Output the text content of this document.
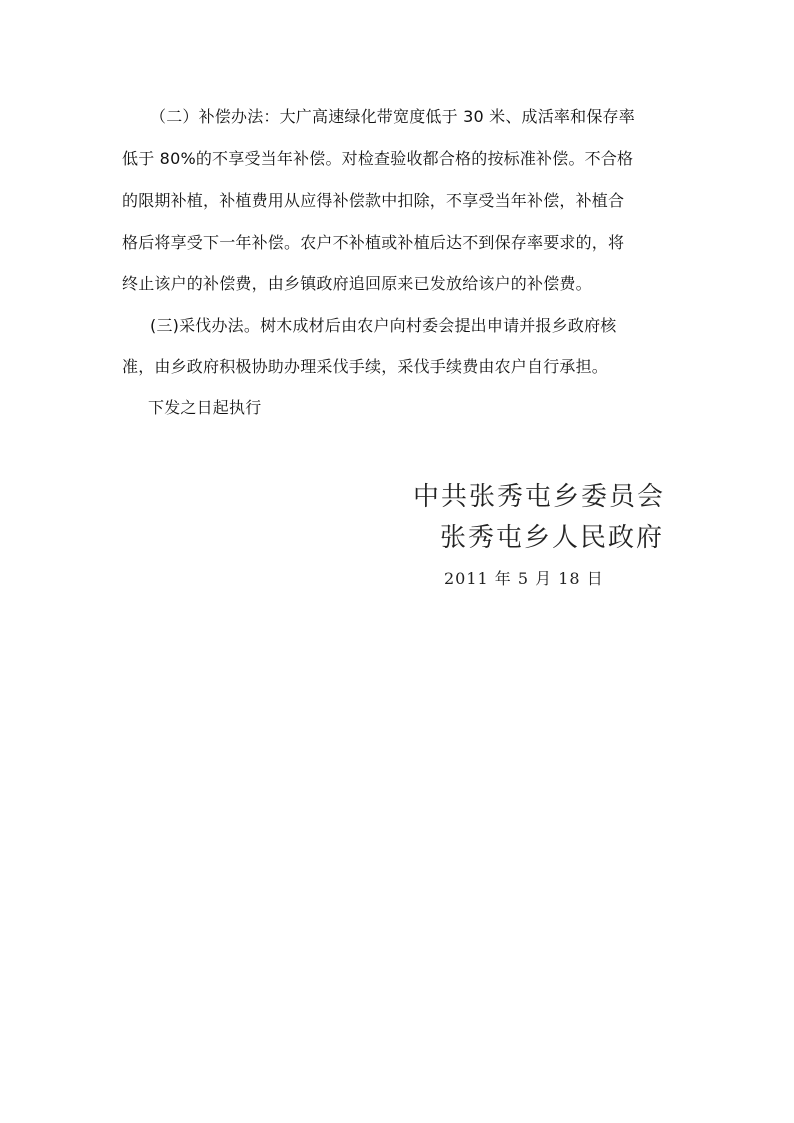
（二）补偿办法：大广高速绿化带宽度低于 30 米、成活率和保存率
低于 80%的不享受当年补偿。对检查验收都合格的按标准补偿。不合格
的限期补植，补植费用从应得补偿款中扣除，不享受当年补偿，补植合
格后将享受下一年补偿。农户不补植或补植后达不到保存率要求的，将
终止该户的补偿费，由乡镇政府追回原来已发放给该户的补偿费。
(三)采伐办法。树木成材后由农户向村委会提出申请并报乡政府核
准，由乡政府积极协助办理采伐手续，采伐手续费由农户自行承担。
下发之日起执行
中共张秀屯乡委员会
张秀屯乡人民政府
2011 年 5 月 18 日
